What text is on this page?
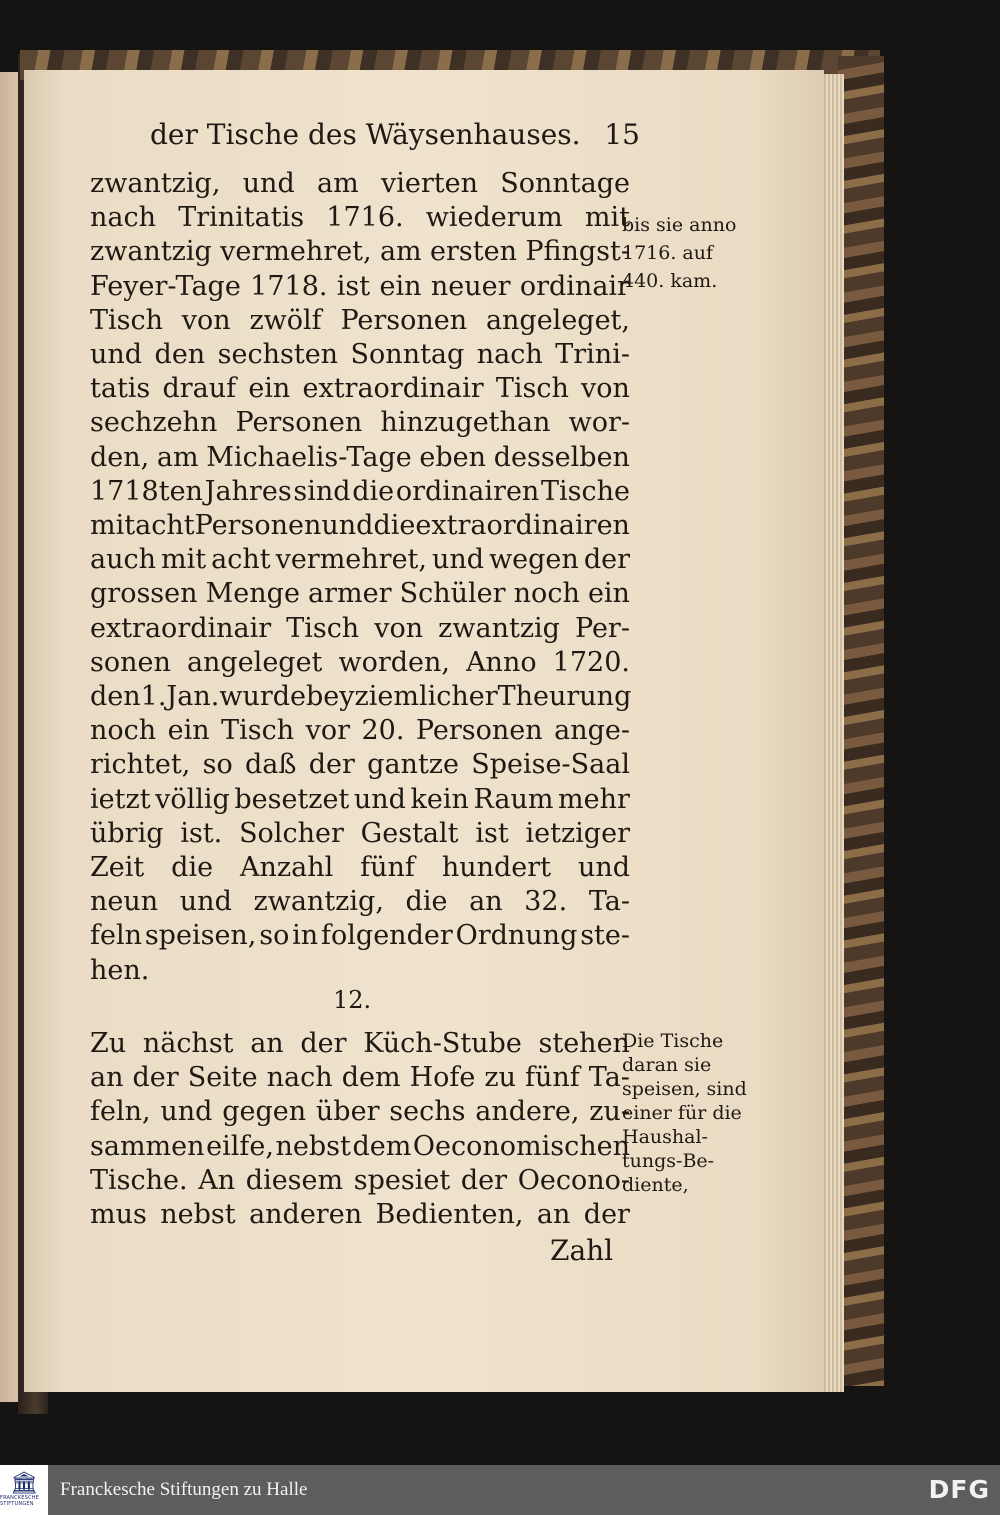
der Tische des Wäysenhauses. 15
zwantzig, und am vierten Sonntage
nach Trinitatis 1716. wiederum mit
zwantzig vermehret, am ersten Pfingst-
Feyer-Tage 1718. ist ein neuer ordinair
Tisch von zwölf Personen angeleget,
und den sechsten Sonntag nach Trini-
tatis drauf ein extraordinair Tisch von
sechzehn Personen hinzugethan wor-
den, am Michaelis-Tage eben desselben
1718ten Jahres sind die ordinairen Tische
mit acht Personen und die extraordinairen
auch mit acht vermehret, und wegen der
grossen Menge armer Schüler noch ein
extraordinair Tisch von zwantzig Per-
sonen angeleget worden, Anno 1720.
den 1. Jan. wurde bey ziemlicher Theurung
noch ein Tisch vor 20. Personen ange-
richtet, so daß der gantze Speise-Saal
ietzt völlig besetzet und kein Raum mehr
übrig ist. Solcher Gestalt ist ietziger
Zeit die Anzahl fünf hundert und
neun und zwantzig, die an 32. Ta-
feln speisen, so in folgender Ordnung ste-
hen.
12.
Zu nächst an der Küch-Stube stehen
an der Seite nach dem Hofe zu fünf Ta-
feln, und gegen über sechs andere, zu-
sammen eilfe, nebst dem Oeconomischen
Tische. An diesem spesiet der Oecono-
mus nebst anderen Bedienten, an der
bis sie anno
1716. auf
440. kam.
Die Tische
daran sie
speisen, sind
einer für die
Haushal-
tungs-Be-
diente,
Zahl
🏛
FRANCKESCHE STIFTUNGEN
Franckesche Stiftungen zu Halle	DFG
